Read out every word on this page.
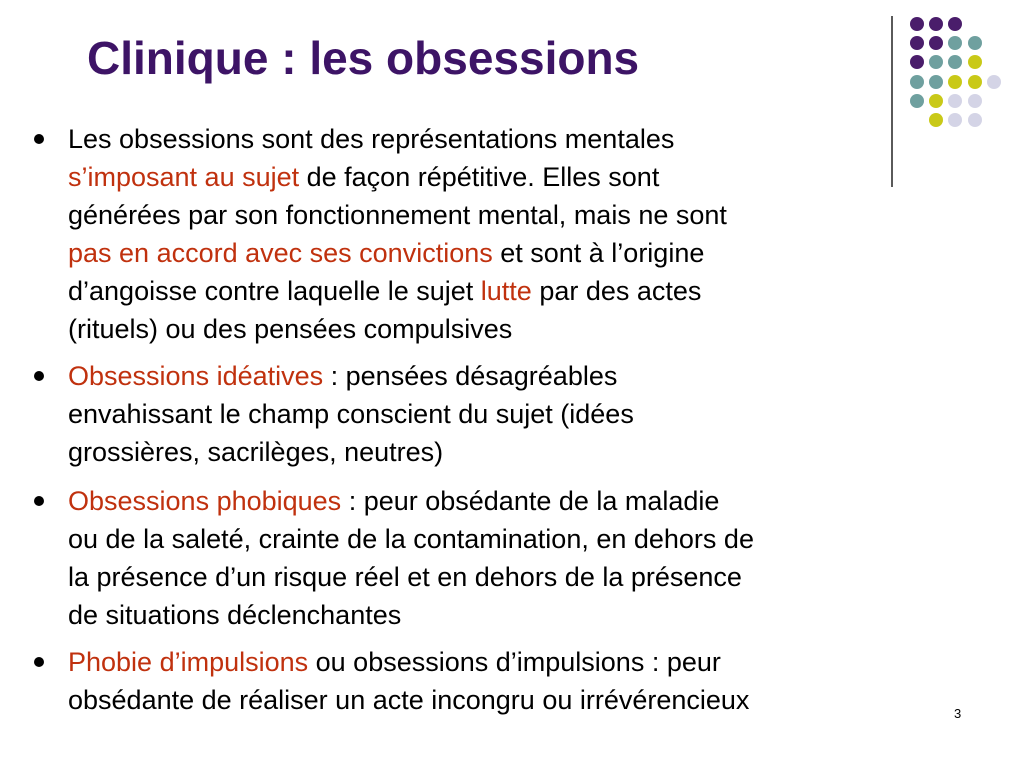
Clinique : les obsessions
Les obsessions sont des représentations mentales
s’imposant au sujet de façon répétitive. Elles sont
générées par son fonctionnement mental, mais ne sont
pas en accord avec ses convictions et sont à l’origine
d’angoisse contre laquelle le sujet lutte par des actes
(rituels) ou des pensées compulsives
Obsessions idéatives : pensées désagréables
envahissant le champ conscient du sujet (idées
grossières, sacrilèges, neutres)
Obsessions phobiques : peur obsédante de la maladie
ou de la saleté, crainte de la contamination, en dehors de
la présence d’un risque réel et en dehors de la présence
de situations déclenchantes
Phobie d’impulsions ou obsessions d’impulsions : peur
obsédante de réaliser un acte incongru ou irrévérencieux	3
